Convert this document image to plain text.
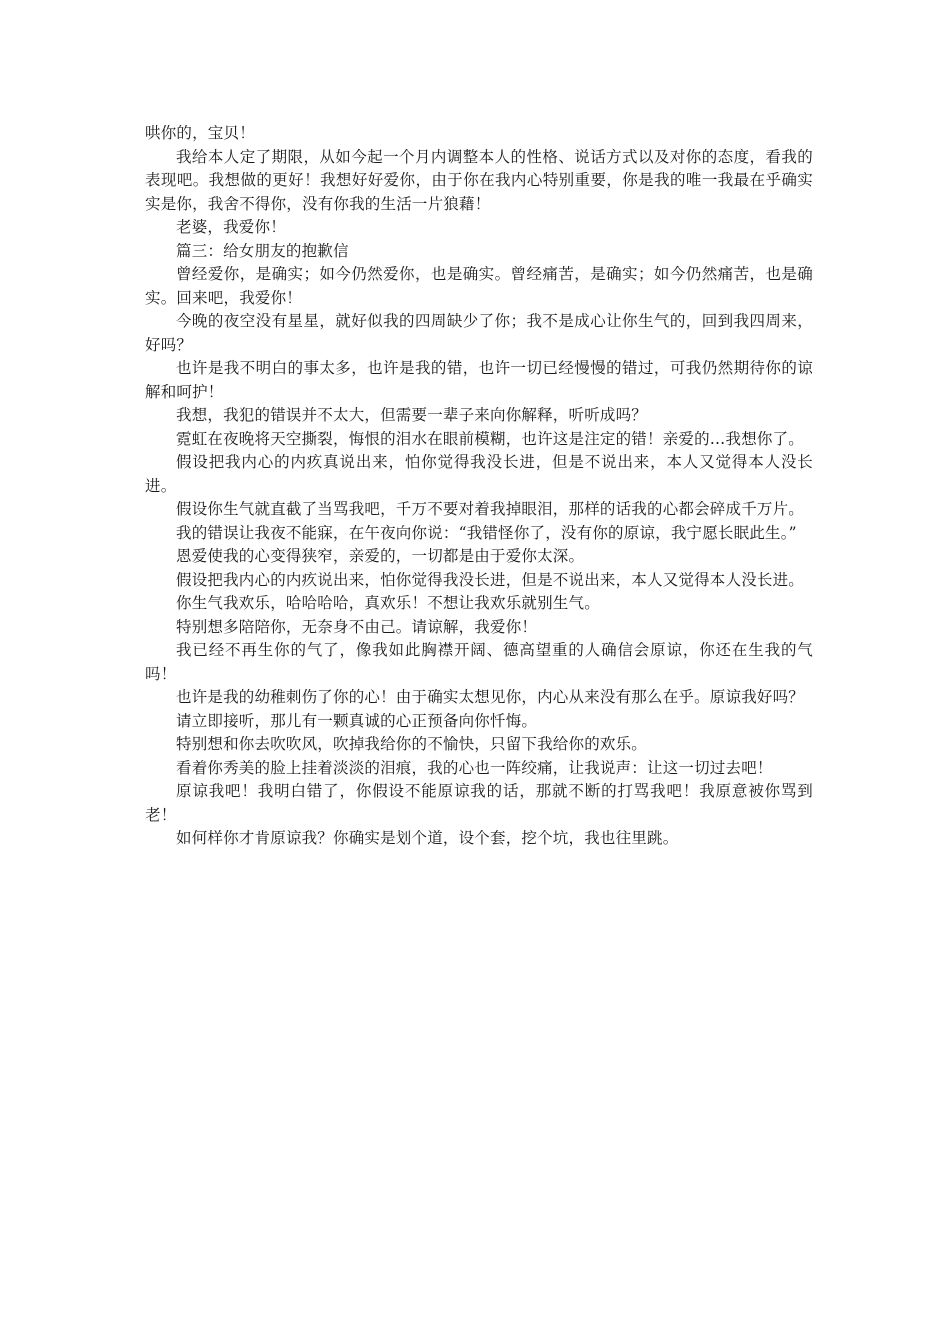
哄你的，宝贝！

我给本人定了期限，从如今起一个月内调整本人的性格、说话方式以及对你的态度，看我的表现吧。我想做的更好！我想好好爱你，由于你在我内心特别重要，你是我的唯一我最在乎确实实是你，我舍不得你，没有你我的生活一片狼藉！

老婆，我爱你！

篇三：给女朋友的抱歉信

曾经爱你，是确实；如今仍然爱你，也是确实。曾经痛苦，是确实；如今仍然痛苦，也是确实。回来吧，我爱你！

今晚的夜空没有星星，就好似我的四周缺少了你；我不是成心让你生气的，回到我四周来，好吗？

也许是我不明白的事太多，也许是我的错，也许一切已经慢慢的错过，可我仍然期待你的谅解和呵护！

我想，我犯的错误并不太大，但需要一辈子来向你解释，听听成吗？

霓虹在夜晚将天空撕裂，悔恨的泪水在眼前模糊，也许这是注定的错！亲爱的…我想你了。

假设把我内心的内疚真说出来，怕你觉得我没长进，但是不说出来，本人又觉得本人没长进。

假设你生气就直截了当骂我吧，千万不要对着我掉眼泪，那样的话我的心都会碎成千万片。

我的错误让我夜不能寐，在午夜向你说：“我错怪你了，没有你的原谅，我宁愿长眠此生。”

恩爱使我的心变得狭窄，亲爱的，一切都是由于爱你太深。

假设把我内心的内疚说出来，怕你觉得我没长进，但是不说出来，本人又觉得本人没长进。

你生气我欢乐，哈哈哈哈，真欢乐！不想让我欢乐就别生气。

特别想多陪陪你，无奈身不由己。请谅解，我爱你！

我已经不再生你的气了，像我如此胸襟开阔、德高望重的人确信会原谅，你还在生我的气吗！

也许是我的幼稚刺伤了你的心！由于确实太想见你，内心从来没有那么在乎。原谅我好吗？

请立即接听，那儿有一颗真诚的心正预备向你忏悔。

特别想和你去吹吹风，吹掉我给你的不愉快，只留下我给你的欢乐。

看着你秀美的脸上挂着淡淡的泪痕，我的心也一阵绞痛，让我说声：让这一切过去吧！

原谅我吧！我明白错了，你假设不能原谅我的话，那就不断的打骂我吧！我原意被你骂到老！

如何样你才肯原谅我？你确实是划个道，设个套，挖个坑，我也往里跳。
